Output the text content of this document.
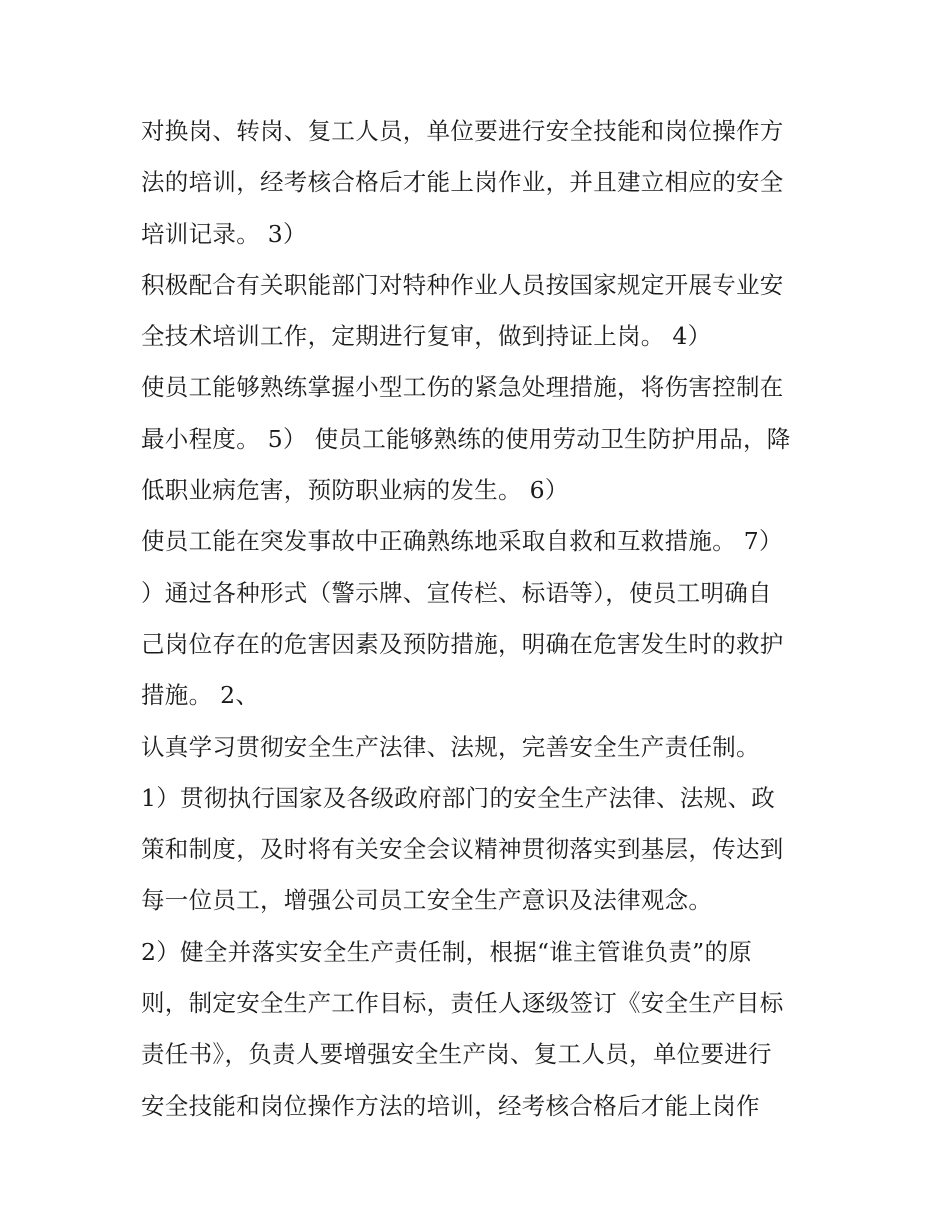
对换岗、转岗、复工人员，单位要进行安全技能和岗位操作方
法的培训，经考核合格后才能上岗作业，并且建立相应的安全
培训记录。 3）
积极配合有关职能部门对特种作业人员按国家规定开展专业安
全技术培训工作，定期进行复审，做到持证上岗。 4）
使员工能够熟练掌握小型工伤的紧急处理措施，将伤害控制在
最小程度。 5） 使员工能够熟练的使用劳动卫生防护用品，降
低职业病危害，预防职业病的发生。 6）
使员工能在突发事故中正确熟练地采取自救和互救措施。 7）
）通过各种形式（警示牌、宣传栏、标语等），使员工明确自
己岗位存在的危害因素及预防措施，明确在危害发生时的救护
措施。 2、
认真学习贯彻安全生产法律、法规，完善安全生产责任制。
1）贯彻执行国家及各级政府部门的安全生产法律、法规、政
策和制度，及时将有关安全会议精神贯彻落实到基层，传达到
每一位员工，增强公司员工安全生产意识及法律观念。
2）健全并落实安全生产责任制，根据“谁主管谁负责”的原
则，制定安全生产工作目标，责任人逐级签订《安全生产目标
责任书》，负责人要增强安全生产岗、复工人员，单位要进行
安全技能和岗位操作方法的培训，经考核合格后才能上岗作
